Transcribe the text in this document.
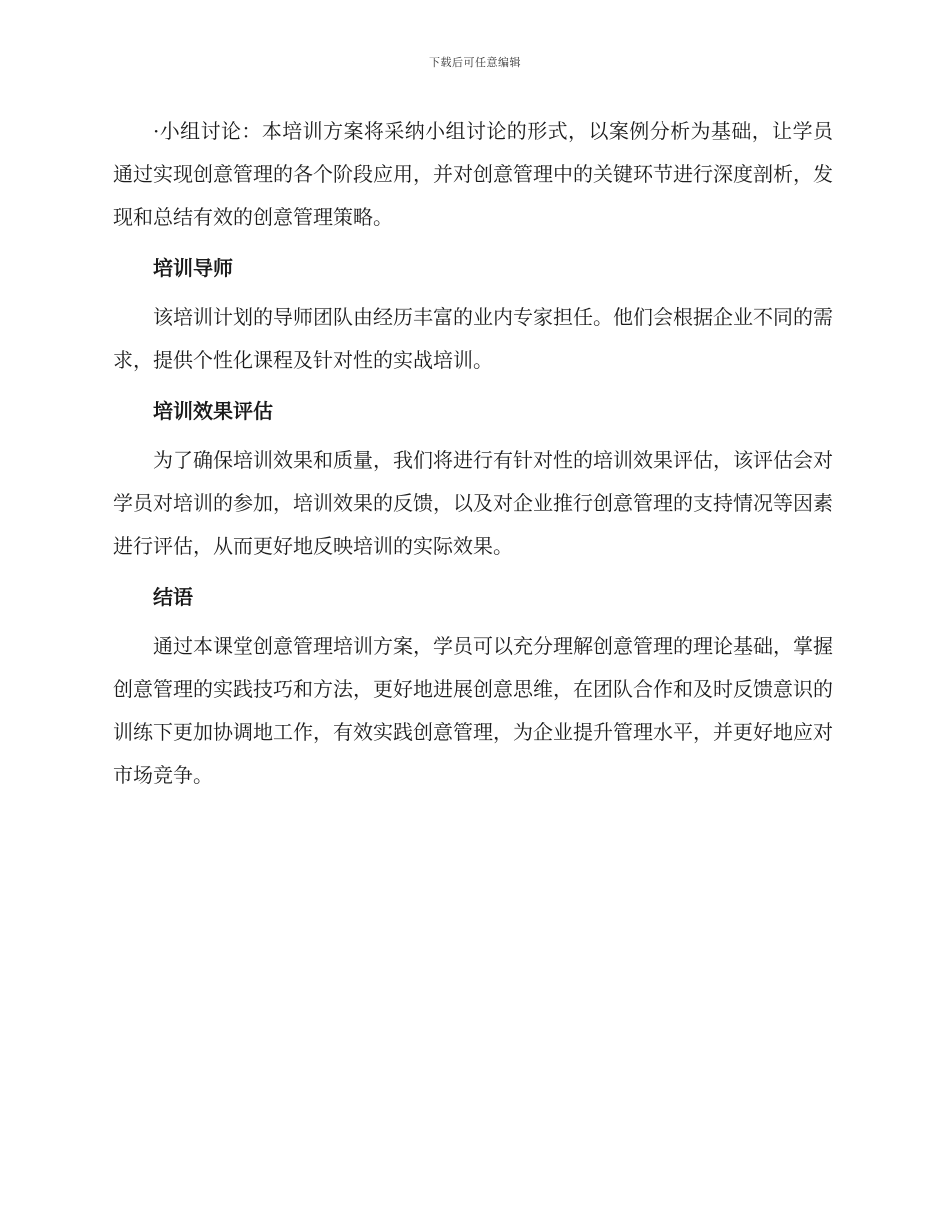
下载后可任意编辑

·小组讨论：本培训方案将采纳小组讨论的形式，以案例分析为基础，让学员通过实现创意管理的各个阶段应用，并对创意管理中的关键环节进行深度剖析，发现和总结有效的创意管理策略。

培训导师

该培训计划的导师团队由经历丰富的业内专家担任。他们会根据企业不同的需求，提供个性化课程及针对性的实战培训。

培训效果评估

为了确保培训效果和质量，我们将进行有针对性的培训效果评估，该评估会对学员对培训的参加，培训效果的反馈，以及对企业推行创意管理的支持情况等因素进行评估，从而更好地反映培训的实际效果。

结语

通过本课堂创意管理培训方案，学员可以充分理解创意管理的理论基础，掌握创意管理的实践技巧和方法，更好地进展创意思维，在团队合作和及时反馈意识的训练下更加协调地工作，有效实践创意管理，为企业提升管理水平，并更好地应对市场竞争。
